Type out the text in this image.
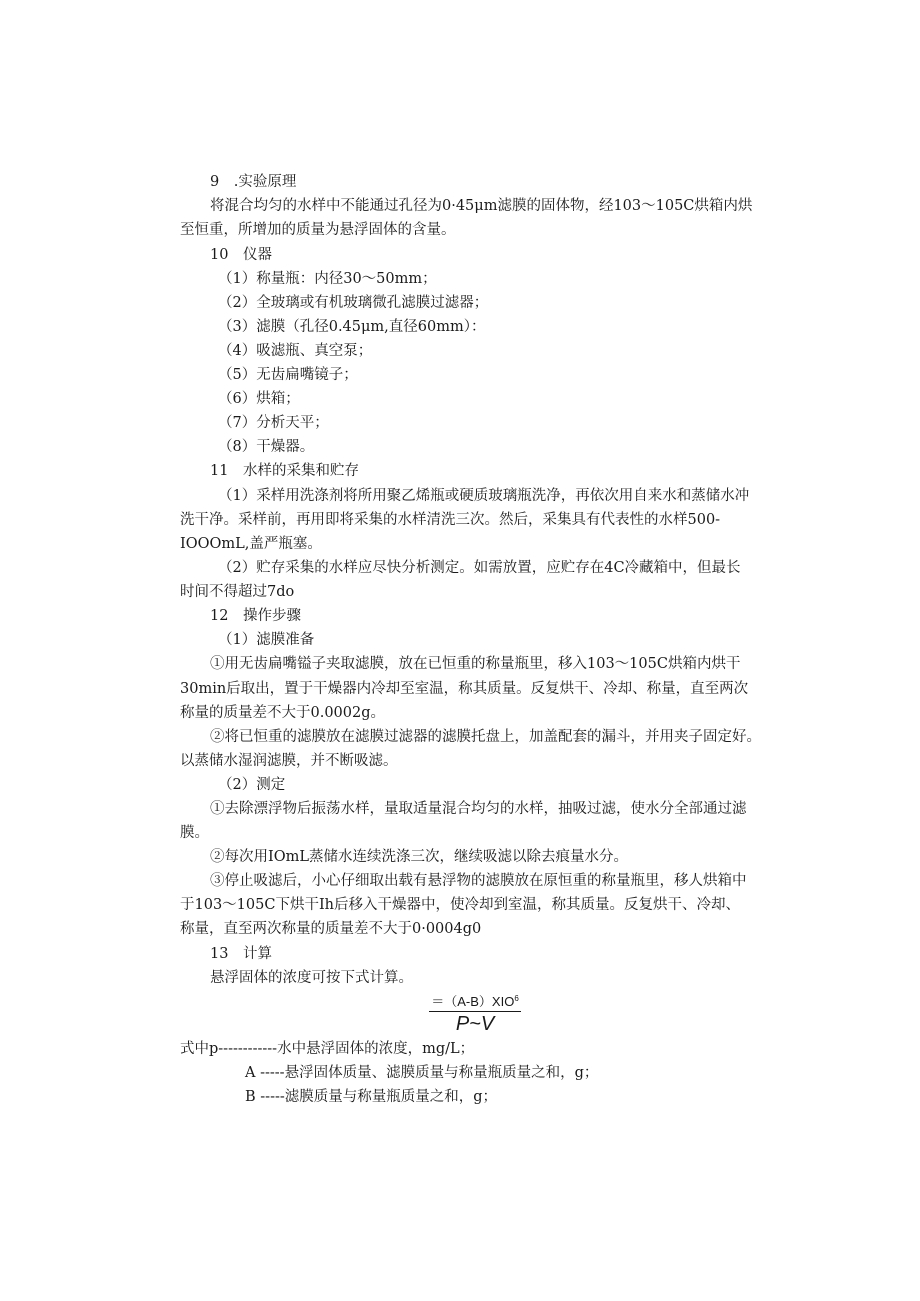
9　.实验原理
将混合均匀的水样中不能通过孔径为0·45μm滤膜的固体物，经103～105C烘箱内烘
至恒重，所增加的质量为悬浮固体的含量。
10　仪器
（1）称量瓶：内径30～50mm；
（2）全玻璃或有机玻璃微孔滤膜过滤器；
（3）滤膜（孔径0.45μm,直径60mm）：
（4）吸滤瓶、真空泵；
（5）无齿扁嘴镜子；
（6）烘箱；
（7）分析天平；
（8）干燥器。
11　水样的采集和贮存
（1）采样用洗涤剂将所用聚乙烯瓶或硬质玻璃瓶洗净，再依次用自来水和蒸储水冲
洗干净。采样前，再用即将采集的水样清洗三次。然后，采集具有代表性的水样500-
IOOOmL,盖严瓶塞。
（2）贮存采集的水样应尽快分析测定。如需放置，应贮存在4C冷藏箱中，但最长
时间不得超过7do
12　操作步骤
（1）滤膜准备
①用无齿扁嘴镒子夹取滤膜，放在已恒重的称量瓶里，移入103～105C烘箱内烘干
30min后取出，置于干燥器内冷却至室温，称其质量。反复烘干、冷却、称量，直至两次
称量的质量差不大于0.0002g。
②将已恒重的滤膜放在滤膜过滤器的滤膜托盘上，加盖配套的漏斗，并用夹子固定好。
以蒸储水湿润滤膜，并不断吸滤。
（2）测定
①去除漂浮物后振荡水样，量取适量混合均匀的水样，抽吸过滤，使水分全部通过滤
膜。
②每次用IOmL蒸储水连续洗涤三次，继续吸滤以除去痕量水分。
③停止吸滤后，小心仔细取出载有悬浮物的滤膜放在原恒重的称量瓶里，移人烘箱中
于103～105C下烘干Ih后移入干燥器中，使冷却到室温，称其质量。反复烘干、冷却、
称量，直至两次称量的质量差不大于0·0004g0
13　计算
悬浮固体的浓度可按下式计算。
$\frac{=(A-B)XIO^6}{P\sim V}$
式中p------------水中悬浮固体的浓度，mg/L；
A -----悬浮固体质量、滤膜质量与称量瓶质量之和，g；
B -----滤膜质量与称量瓶质量之和，g；
